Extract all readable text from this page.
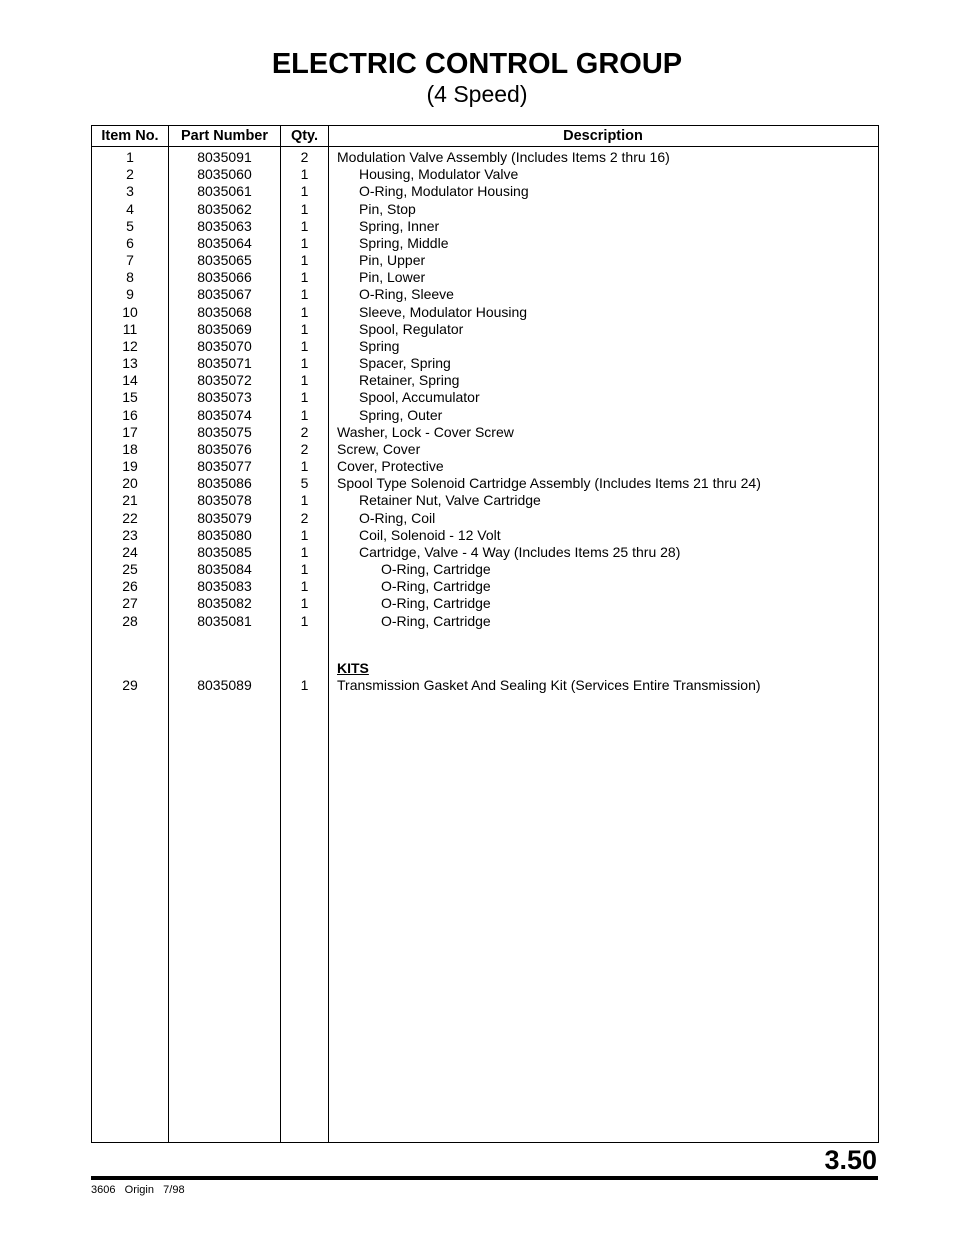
ELECTRIC CONTROL GROUP
(4 Speed)
Item No.	Part Number	Qty.	Description
1	8035091	2	Modulation Valve Assembly (Includes Items 2 thru 16)
2	8035060	1	Housing, Modulator Valve
3	8035061	1	O-Ring, Modulator Housing
4	8035062	1	Pin, Stop
5	8035063	1	Spring, Inner
6	8035064	1	Spring, Middle
7	8035065	1	Pin, Upper
8	8035066	1	Pin, Lower
9	8035067	1	O-Ring, Sleeve
10	8035068	1	Sleeve, Modulator Housing
11	8035069	1	Spool, Regulator
12	8035070	1	Spring
13	8035071	1	Spacer, Spring
14	8035072	1	Retainer, Spring
15	8035073	1	Spool, Accumulator
16	8035074	1	Spring, Outer
17	8035075	2	Washer, Lock - Cover Screw
18	8035076	2	Screw, Cover
19	8035077	1	Cover, Protective
20	8035086	5	Spool Type Solenoid Cartridge Assembly (Includes Items 21 thru 24)
21	8035078	1	Retainer Nut, Valve Cartridge
22	8035079	2	O-Ring, Coil
23	8035080	1	Coil, Solenoid - 12 Volt
24	8035085	1	Cartridge, Valve - 4 Way (Includes Items 25 thru 28)
25	8035084	1	O-Ring, Cartridge
26	8035083	1	O-Ring, Cartridge
27	8035082	1	O-Ring, Cartridge
28	8035081	1	O-Ring, Cartridge
KITS
29	8035089	1	Transmission Gasket And Sealing Kit (Services Entire Transmission)
3.50
3606   Origin   7/98
